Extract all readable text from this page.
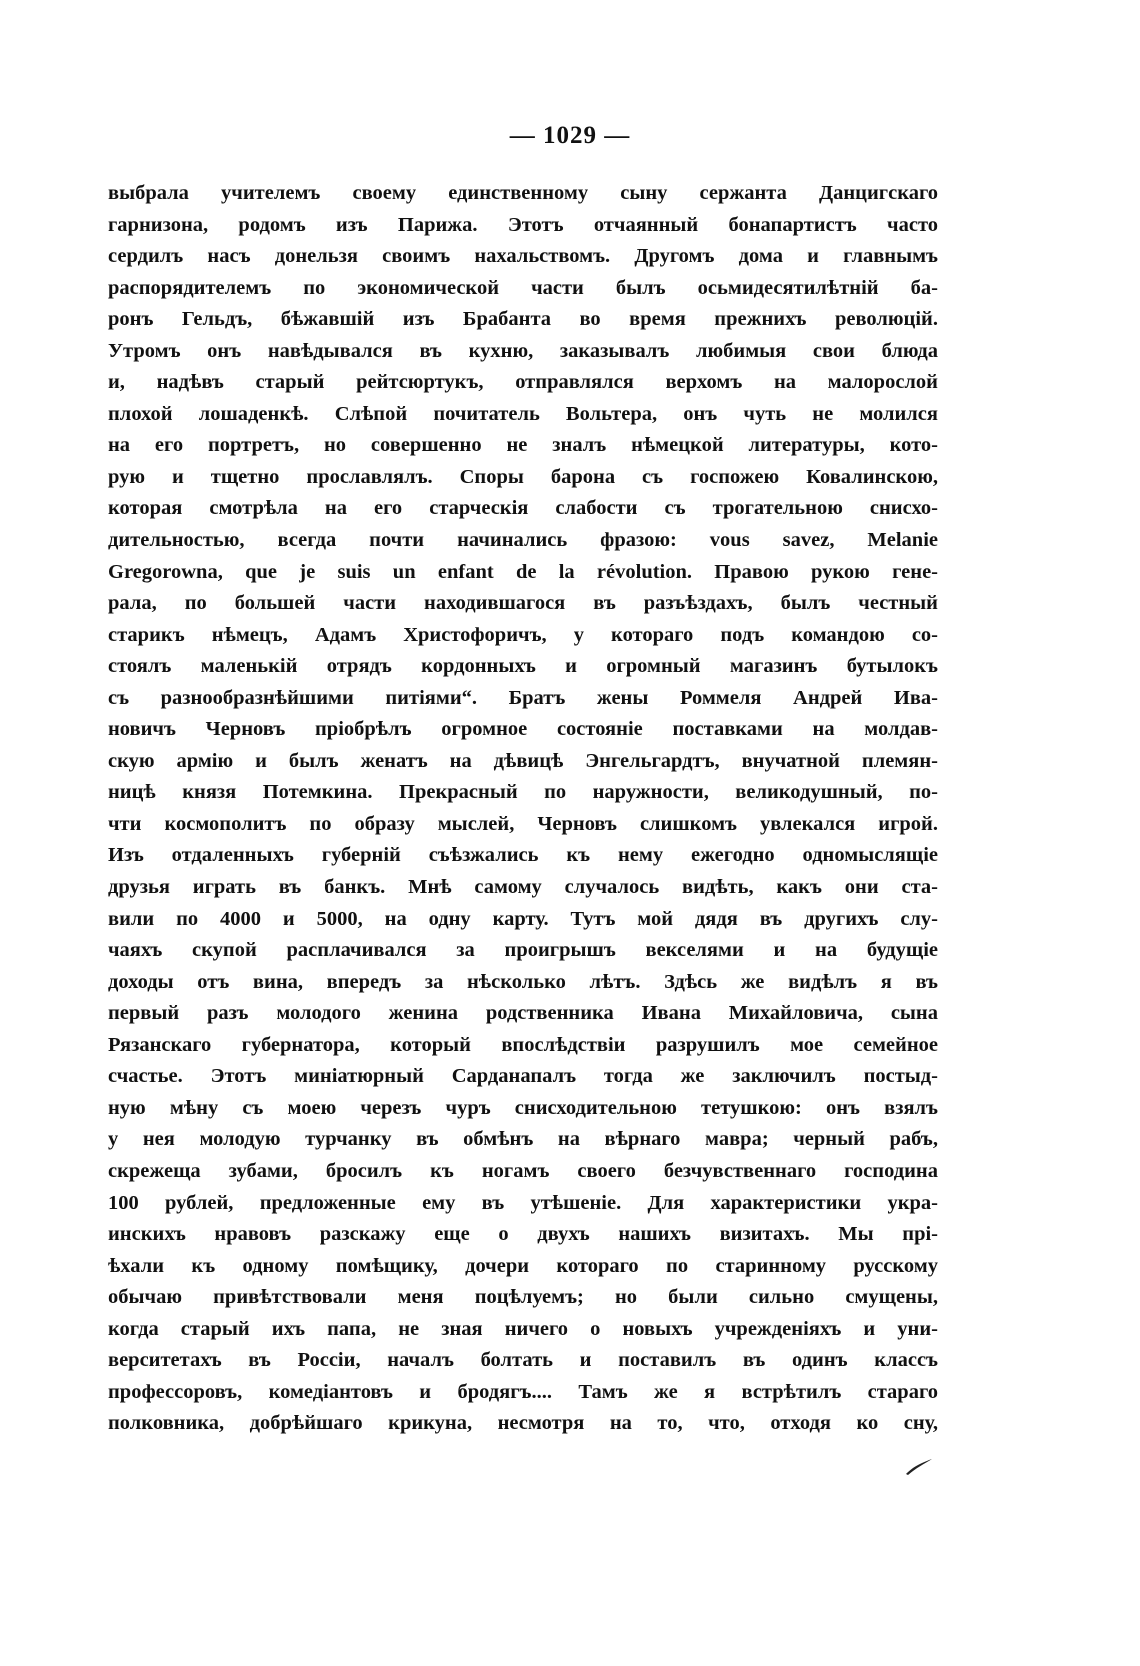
— 1029 —
выбрала учителемъ своему единственному сыну сержанта Данцигскаго
гарнизона, родомъ изъ Парижа. Этотъ отчаянный бонапартистъ часто
сердилъ насъ донельзя своимъ нахальствомъ. Другомъ дома и главнымъ
распорядителемъ по экономической части былъ осьмидесятилѣтній ба-
ронъ Гельдъ, бѣжавшій изъ Брабанта во время прежнихъ революцій.
Утромъ онъ навѣдывался въ кухню, заказывалъ любимыя свои блюда
и, надѣвъ старый рейтсюртукъ, отправлялся верхомъ на малорослой
плохой лошаденкѣ. Слѣпой почитатель Вольтера, онъ чуть не молился
на его портретъ, но совершенно не зналъ нѣмецкой литературы, кото-
рую и тщетно прославлялъ. Споры барона съ госпожею Ковалинскою,
которая смотрѣла на его старческія слабости съ трогательною снисхо-
дительностью, всегда почти начинались фразою: vous savez, Melanie
Gregorowna, que je suis un enfant de la révolution. Правою рукою гене-
рала, по большей части находившагося въ разъѣздахъ, былъ честный
старикъ нѣмецъ, Адамъ Христофоричъ, у котораго подъ командою со-
стоялъ маленькій отрядъ кордонныхъ и огромный магазинъ бутылокъ
съ разнообразнѣйшими питіями“. Братъ жены Роммеля Андрей Ива-
новичъ Черновъ пріобрѣлъ огромное состояніе поставками на молдав-
скую армію и былъ женатъ на дѣвицѣ Энгельгардтъ, внучатной племян-
ницѣ князя Потемкина. Прекрасный по наружности, великодушный, по-
чти космополитъ по образу мыслей, Черновъ слишкомъ увлекался игрой.
Изъ отдаленныхъ губерній съѣзжались къ нему ежегодно одномыслящіе
друзья играть въ банкъ. Мнѣ самому случалось видѣть, какъ они ста-
вили по 4000 и 5000, на одну карту. Тутъ мой дядя въ другихъ слу-
чаяхъ скупой расплачивался за проигрышъ векселями и на будущіе
доходы отъ вина, впередъ за нѣсколько лѣтъ. Здѣсь же видѣлъ я въ
первый разъ молодого женина родственника Ивана Михайловича, сына
Рязанскаго губернатора, который впослѣдствіи разрушилъ мое семейное
счастье. Этотъ миніатюрный Сарданапалъ тогда же заключилъ постыд-
ную мѣну съ моею черезъ чуръ снисходительною тетушкою: онъ взялъ
у нея молодую турчанку въ обмѣнъ на вѣрнаго мавра; черный рабъ,
скрежеща зубами, бросилъ къ ногамъ своего безчувственнаго господина
100 рублей, предложенные ему въ утѣшеніе. Для характеристики укра-
инскихъ нравовъ разскажу еще о двухъ нашихъ визитахъ. Мы прі-
ѣхали къ одному помѣщику, дочери котораго по старинному русскому
обычаю привѣтствовали меня поцѣлуемъ; но были сильно смущены,
когда старый ихъ папа, не зная ничего о новыхъ учрежденіяхъ и уни-
верситетахъ въ Россіи, началъ болтать и поставилъ въ одинъ классъ
профессоровъ, комедіантовъ и бродягъ.... Тамъ же я встрѣтилъ стараго
полковника, добрѣйшаго крикуна, несмотря на то, что, отходя ко сну,
